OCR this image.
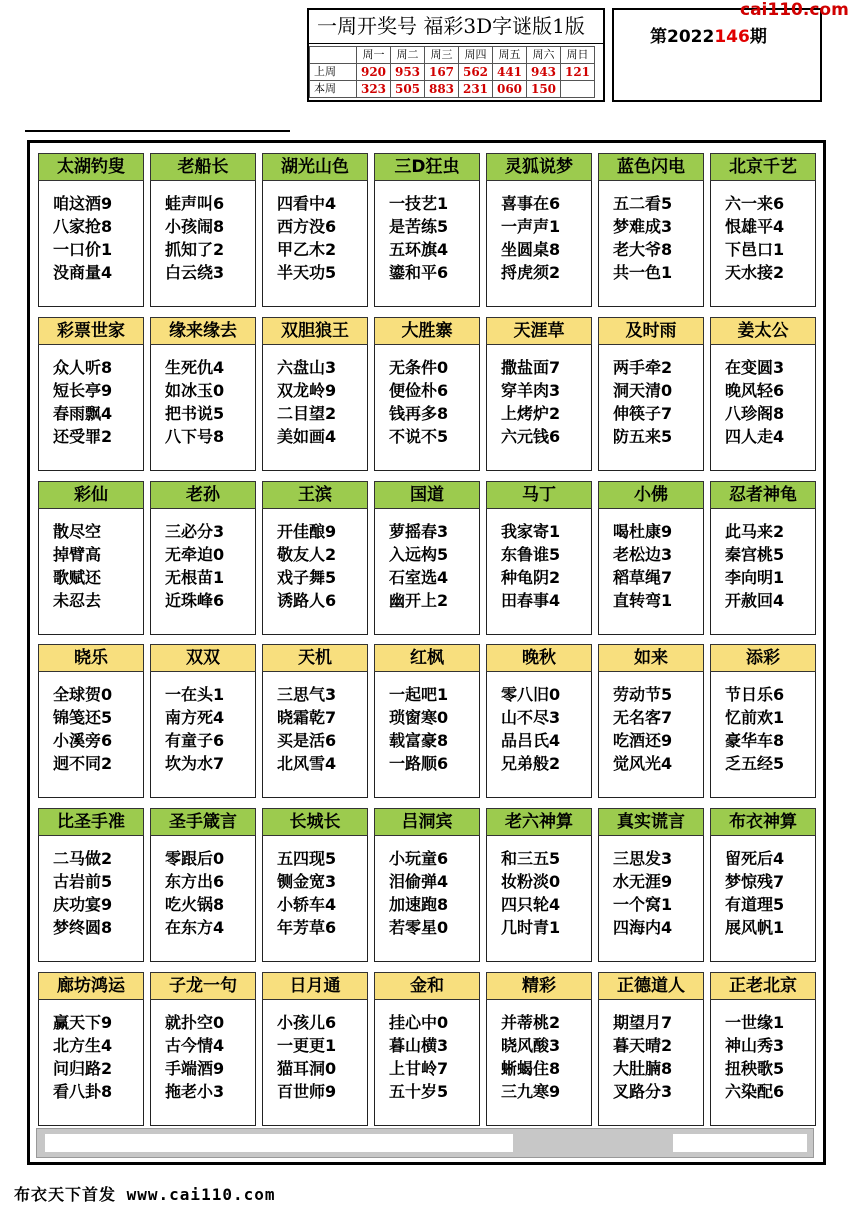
一周开奖号 福彩3D字谜版1版
	周一	周二	周三	周四	周五	周六	周日
上周	920	953	167	562	441	943	121
本周	323	505	883	231	060	150	
第2022146期
cai110.com
太湖钓叟
咱这酒9
八家抢8
一口价1
没商量4
老船长
蛙声叫6
小孩闹8
抓知了2
白云绕3
湖光山色
四看中4
西方没6
甲乙木2
半天功5
三D狂虫
一技艺1
是苦练5
五环旗4
鎏和平6
灵狐说梦
喜事在6
一声声1
坐圆桌8
捋虎须2
蓝色闪电
五二看5
梦难成3
老大爷8
共一色1
北京千艺
六一来6
恨雄平4
下邑口1
天水接2
彩票世家
众人听8
短长亭9
春雨飘4
还受罪2
缘来缘去
生死仇4
如冰玉0
把书说5
八下号8
双胆狼王
六盘山3
双龙岭9
二目望2
美如画4
大胜寨
无条件0
便俭朴6
钱再多8
不说不5
天涯草
撒盐面7
穿羊肉3
上烤炉2
六元钱6
及时雨
两手牵2
洞天清0
伸筷子7
防五来5
姜太公
在变圆3
晚风轻6
八珍阁8
四人走4
彩仙
散尽空
掉臂高
歌赋还
未忍去
老孙
三必分3
无牵迫0
无根苗1
近珠峰6
王滨
开佳酿9
敬友人2
戏子舞5
诱路人6
国道
萝摇春3
入远构5
石室选4
幽开上2
马丁
我家寄1
东鲁谁5
种龟阴2
田春事4
小佛
喝杜康9
老松边3
稻草绳7
直转弯1
忍者神龟
此马来2
秦宫桃5
李向明1
开赦回4
晓乐
全球贺0
锦笺还5
小溪旁6
迥不同2
双双
一在头1
南方死4
有童子6
坎为水7
天机
三思气3
晓霜乾7
买是活6
北风雪4
红枫
一起吧1
琐窗寒0
载富豪8
一路顺6
晚秋
零八旧0
山不尽3
品吕氏4
兄弟般2
如来
劳动节5
无名客7
吃酒还9
觉风光4
添彩
节日乐6
忆前欢1
豪华车8
乏五经5
比圣手准
二马做2
古岩前5
庆功宴9
梦终圆8
圣手箴言
零跟后0
东方出6
吃火锅8
在东方4
长城长
五四现5
铡金宽3
小轿车4
年芳草6
吕洞宾
小玩童6
泪偷弹4
加速跑8
若零星0
老六神算
和三五5
妆粉淡0
四只轮4
几时青1
真实谎言
三思发3
水无涯9
一个窝1
四海内4
布衣神算
留死后4
梦惊残7
有道理5
展风帆1
廊坊鸿运
赢天下9
北方生4
问归路2
看八卦8
子龙一句
就扑空0
古今情4
手端酒9
拖老小3
日月通
小孩儿6
一更更1
猫耳洞0
百世师9
金和
挂心中0
暮山横3
上甘岭7
五十岁5
精彩
并蒂桃2
晓风酸3
蜥蝎住8
三九寒9
正德道人
期望月7
暮天晴2
大肚腩8
叉路分3
正老北京
一世缘1
神山秀3
扭秧歌5
六染配6
布衣天下首发 www.cai110.com
